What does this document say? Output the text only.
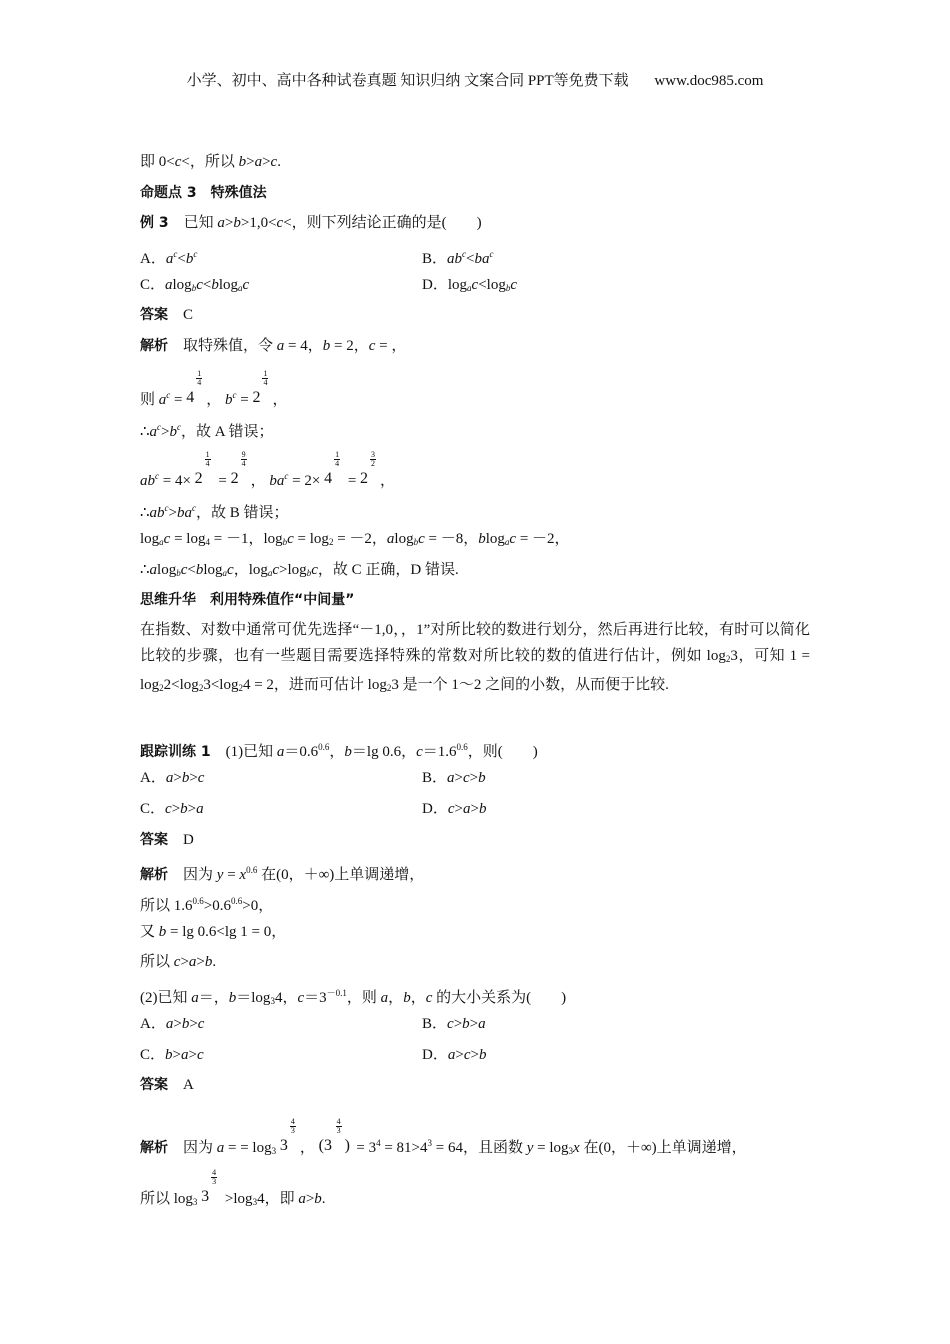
小学、初中、高中各种试卷真题 知识归纳 文案合同 PPT等免费下载 www.doc985.com
即 0<c<，所以 b>a>c.
命题点 3　特殊值法
例 3　已知 a>b>1,0<c<，则下列结论正确的是(　　)
A．$a^c<b^c$	B．$ab^c<ba^c$
C．alog$_b$c<blog$_a$c	D．$\log_ac<\log_bc$
答案　 C
解析　取特殊值，令 a = 4，b = 2，c = ，
则 $a^c = 4$
1
4
， $b^c = 2$
1
4
，
$\therefore a^c>b^c$，故 A 错误；
$ab^c = 4\times 2$
1
4
= 2
9
4
， $ba^c = 2\times 4$
1
4
= 2
3
2
，
$\therefore ab^c>ba^c$，故 B 错误；
$\log_ac = \log_4 = -1$，$\log_bc = \log_2 = -2$，alog$_b$c = －8，blog$_a$c = －2，
∴alog$_b$c<blog$_a$c，$\log_ac>\log_bc$，故 C 正确，D 错误.
思维升华　利用特殊值作“中间量”
在指数、对数中通常可优先选择“－1,0，，1”对所比较的数进行划分，然后再进行比较，有时可以简化比较的步骤，也有一些题目需要选择特殊的常数对所比较的数的值进行估计，例如 $\log_23$，可知 $1 = \log_22<\log_23<\log_24 = 2$，进而可估计 $\log_23$ 是一个 1～2 之间的小数，从而便于比较.
跟踪训练 1　(1)已知 $a=0.6^{0.6}$，b＝lg 0.6，$c=1.6^{0.6}$，则(　　)
A．a>b>c	B．a>c>b
C．c>b>a	D．c>a>b
答案　 D
解析　因为 $y = x^{0.6}$ 在(0，＋∞)上单调递增，
所以 $1.6^{0.6}>0.6^{0.6}>0$，
又 b = lg 0.6<lg 1 = 0，
所以 c>a>b.
(2)已知 a＝，$b=\log_34$，$c=3^{-0.1}$，则 a，b，c 的大小关系为(　　)
A．a>b>c	B．c>b>a
C．b>a>c	D．a>c>b
答案　 A
解析　因为 a = = $\log_3 3$
4
3
， (3
4
3
) = $3^4 = 81>4^3 = 64$，且函数 $y = \log_3x$ 在(0，＋∞)上单调递增，
所以 $\log_3 3$
4
3
$>\log_34$，即 a>b.
